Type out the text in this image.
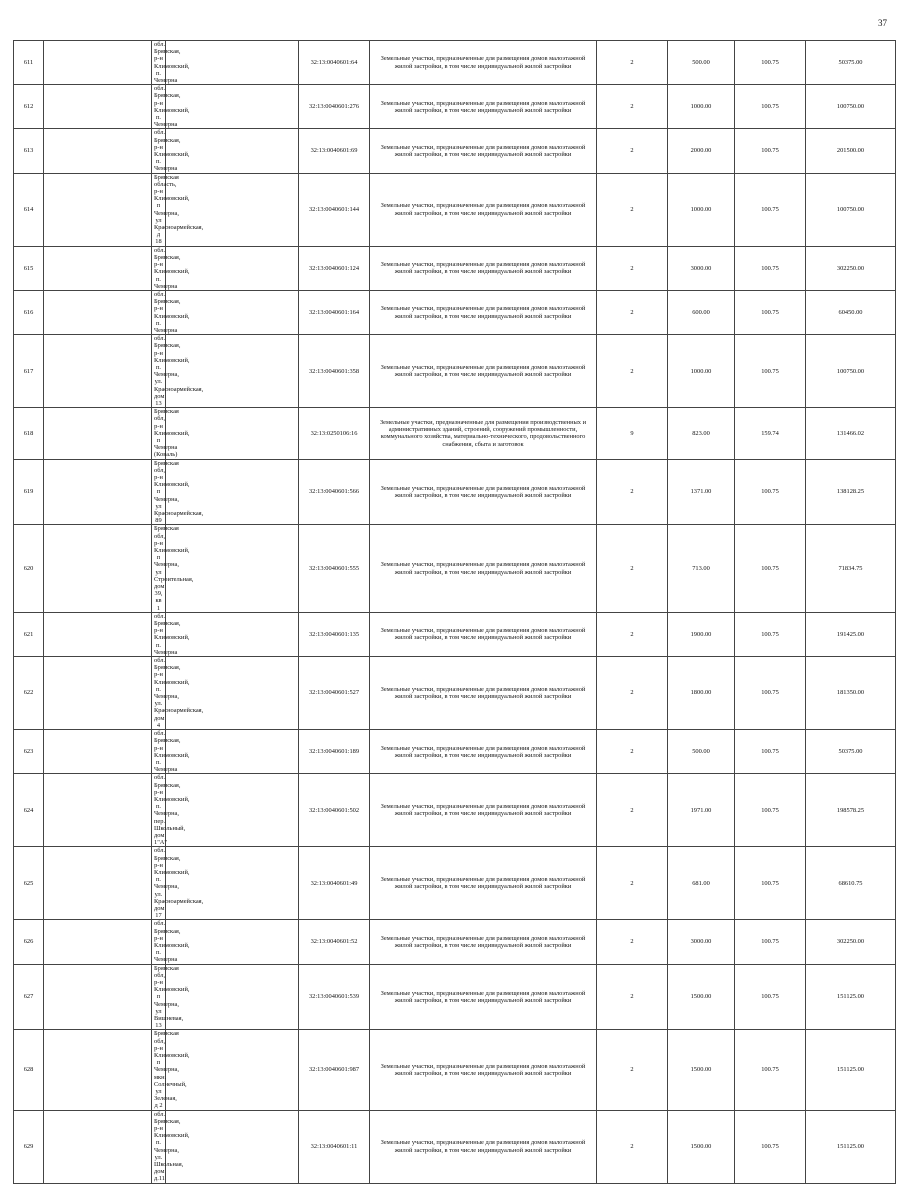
37
611		обл. Брянская, р-н Климовский, п. Чемерна		32:13:0040601:64	Земельные участки, предназначенные для размещения домов малоэтажной жилой застройки, в том числе индивидуальной жилой застройки	2	500.00	100.75	50375.00
612		обл. Брянская, р-н Климовский, п. Чемерна		32:13:0040601:276	Земельные участки, предназначенные для размещения домов малоэтажной жилой застройки, в том числе индивидуальной жилой застройки	2	1000.00	100.75	100750.00
613		обл. Брянская, р-н Климовский, п. Чемерна		32:13:0040601:69	Земельные участки, предназначенные для размещения домов малоэтажной жилой застройки, в том числе индивидуальной жилой застройки	2	2000.00	100.75	201500.00
614		Брянская область, р-н Климовский, п Чемерна, ул Красноармейская, д 18		32:13:0040601:144	Земельные участки, предназначенные для размещения домов малоэтажной жилой застройки, в том числе индивидуальной жилой застройки	2	1000.00	100.75	100750.00
615		обл. Брянская, р-н Климовский, п. Чемерна		32:13:0040601:124	Земельные участки, предназначенные для размещения домов малоэтажной жилой застройки, в том числе индивидуальной жилой застройки	2	3000.00	100.75	302250.00
616		обл. Брянская, р-н Климовский, п. Чемерна		32:13:0040601:164	Земельные участки, предназначенные для размещения домов малоэтажной жилой застройки, в том числе индивидуальной жилой застройки	2	600.00	100.75	60450.00
617		обл. Брянская, р-н Климовский, п. Чемерна, ул. Красноармейская, дом 13		32:13:0040601:358	Земельные участки, предназначенные для размещения домов малоэтажной жилой застройки, в том числе индивидуальной жилой застройки	2	1000.00	100.75	100750.00
618		Брянская обл, р-н Климовский, п Чемерна (Коваль)		32:13:0250106:16	Земельные участки, предназначенные для размещения производственных и административных зданий, строений, сооружений промышленности, коммунального хозяйства, материально-технического, продовольственного снабжения, сбыта и заготовок	9	823.00	159.74	131466.02
619		Брянская обл, р-н Климовский, п Чемерна, ул Красноармейская, 89		32:13:0040601:566	Земельные участки, предназначенные для размещения домов малоэтажной жилой застройки, в том числе индивидуальной жилой застройки	2	1371.00	100.75	138128.25
620		Брянская обл, р-н Климовский, п Чемерна, ул Строительная, дом 39, кв 1		32:13:0040601:555	Земельные участки, предназначенные для размещения домов малоэтажной жилой застройки, в том числе индивидуальной жилой застройки	2	713.00	100.75	71834.75
621		обл. Брянская, р-н Климовский, п. Чемерна		32:13:0040601:135	Земельные участки, предназначенные для размещения домов малоэтажной жилой застройки, в том числе индивидуальной жилой застройки	2	1900.00	100.75	191425.00
622		обл. Брянская, р-н Климовский, п. Чемерна, ул. Красноармейская, дом 4		32:13:0040601:527	Земельные участки, предназначенные для размещения домов малоэтажной жилой застройки, в том числе индивидуальной жилой застройки	2	1800.00	100.75	181350.00
623		обл. Брянская, р-н Климовский, п. Чемерна		32:13:0040601:189	Земельные участки, предназначенные для размещения домов малоэтажной жилой застройки, в том числе индивидуальной жилой застройки	2	500.00	100.75	50375.00
624		обл. Брянская, р-н Климовский, п. Чемерна, пер. Школьный, дом 1"А"		32:13:0040601:502	Земельные участки, предназначенные для размещения домов малоэтажной жилой застройки, в том числе индивидуальной жилой застройки	2	1971.00	100.75	198578.25
625		обл. Брянская, р-н Климовский, п. Чемерна, ул. Красноармейская, дом 17		32:13:0040601:49	Земельные участки, предназначенные для размещения домов малоэтажной жилой застройки, в том числе индивидуальной жилой застройки	2	681.00	100.75	68610.75
626		обл. Брянская, р-н Климовский, п. Чемерна		32:13:0040601:52	Земельные участки, предназначенные для размещения домов малоэтажной жилой застройки, в том числе индивидуальной жилой застройки	2	3000.00	100.75	302250.00
627		Брянская обл, р-н Климовский, п Чемерна, ул Вишневая, 13		32:13:0040601:539	Земельные участки, предназначенные для размещения домов малоэтажной жилой застройки, в том числе индивидуальной жилой застройки	2	1500.00	100.75	151125.00
628		Брянская обл, р-н Климовский, п Чемерна, мкн. Солнечный, ул Зеленая, д 2		32:13:0040601:987	Земельные участки, предназначенные для размещения домов малоэтажной жилой застройки, в том числе индивидуальной жилой застройки	2	1500.00	100.75	151125.00
629		обл. Брянская, р-н Климовский, п. Чемерна, ул. Школьная, дом д.11		32:13:0040601:11	Земельные участки, предназначенные для размещения домов малоэтажной жилой застройки, в том числе индивидуальной жилой застройки	2	1500.00	100.75	151125.00
